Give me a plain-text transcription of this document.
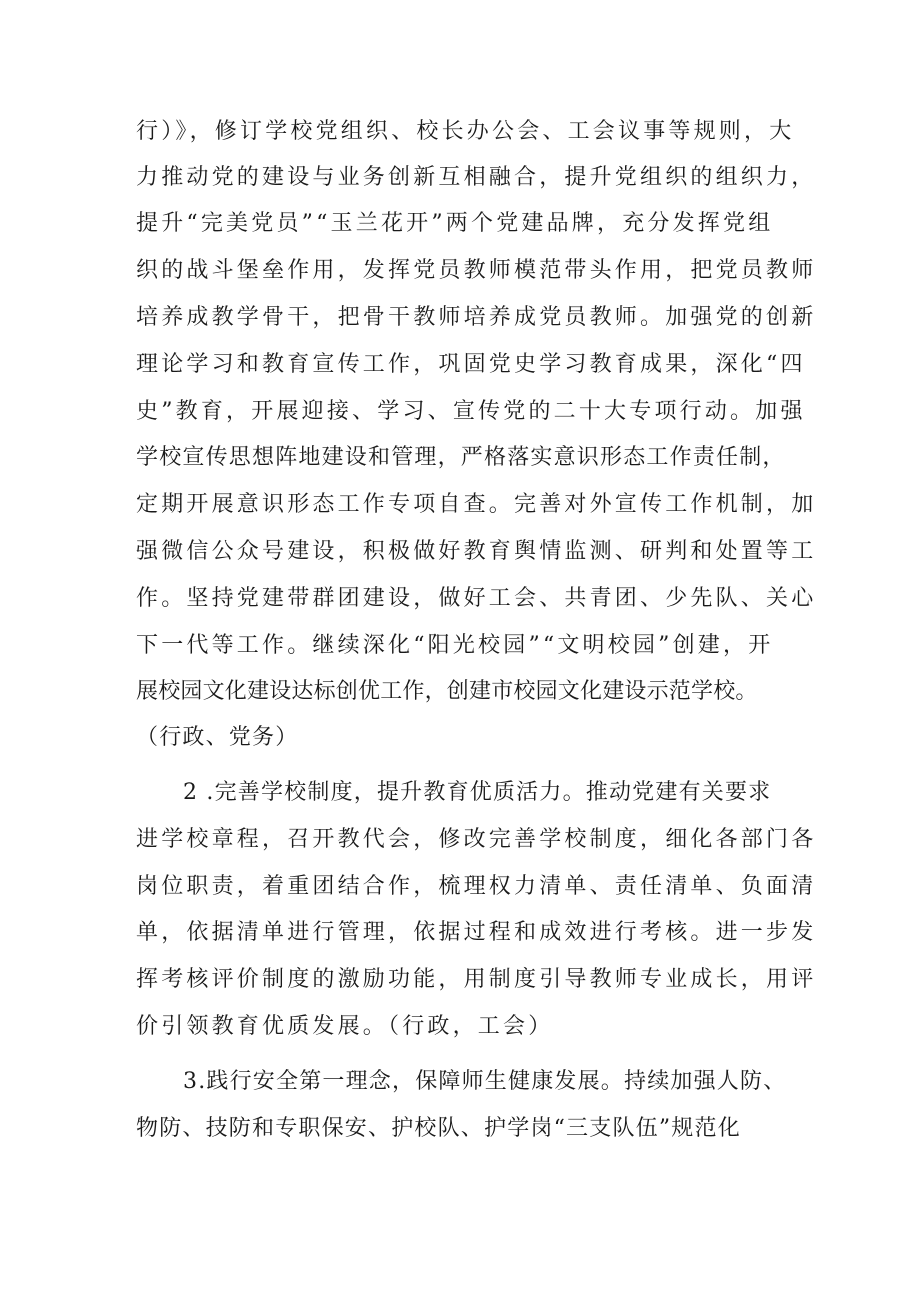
行）》，修订学校党组织、校长办公会、工会议事等规则，大
力推动党的建设与业务创新互相融合，提升党组织的组织力，
提升“完美党员”“玉兰花开”两个党建品牌，充分发挥党组
织的战斗堡垒作用，发挥党员教师模范带头作用，把党员教师
培养成教学骨干，把骨干教师培养成党员教师。加强党的创新
理论学习和教育宣传工作，巩固党史学习教育成果，深化“四
史”教育，开展迎接、学习、宣传党的二十大专项行动。加强
学校宣传思想阵地建设和管理，严格落实意识形态工作责任制，
定期开展意识形态工作专项自查。完善对外宣传工作机制，加
强微信公众号建设，积极做好教育舆情监测、研判和处置等工
作。坚持党建带群团建设，做好工会、共青团、少先队、关心
下一代等工作。继续深化“阳光校园”“文明校园”创建，开
展校园文化建设达标创优工作，创建市校园文化建设示范学校。
（行政、党务）
2 .完善学校制度，提升教育优质活力。推动党建有关要求
进学校章程，召开教代会，修改完善学校制度，细化各部门各
岗位职责，着重团结合作，梳理权力清单、责任清单、负面清
单，依据清单进行管理，依据过程和成效进行考核。进一步发
挥考核评价制度的激励功能，用制度引导教师专业成长，用评
价引领教育优质发展。（行政，工会）
3.践行安全第一理念，保障师生健康发展。持续加强人防、
物防、技防和专职保安、护校队、护学岗“三支队伍”规范化
